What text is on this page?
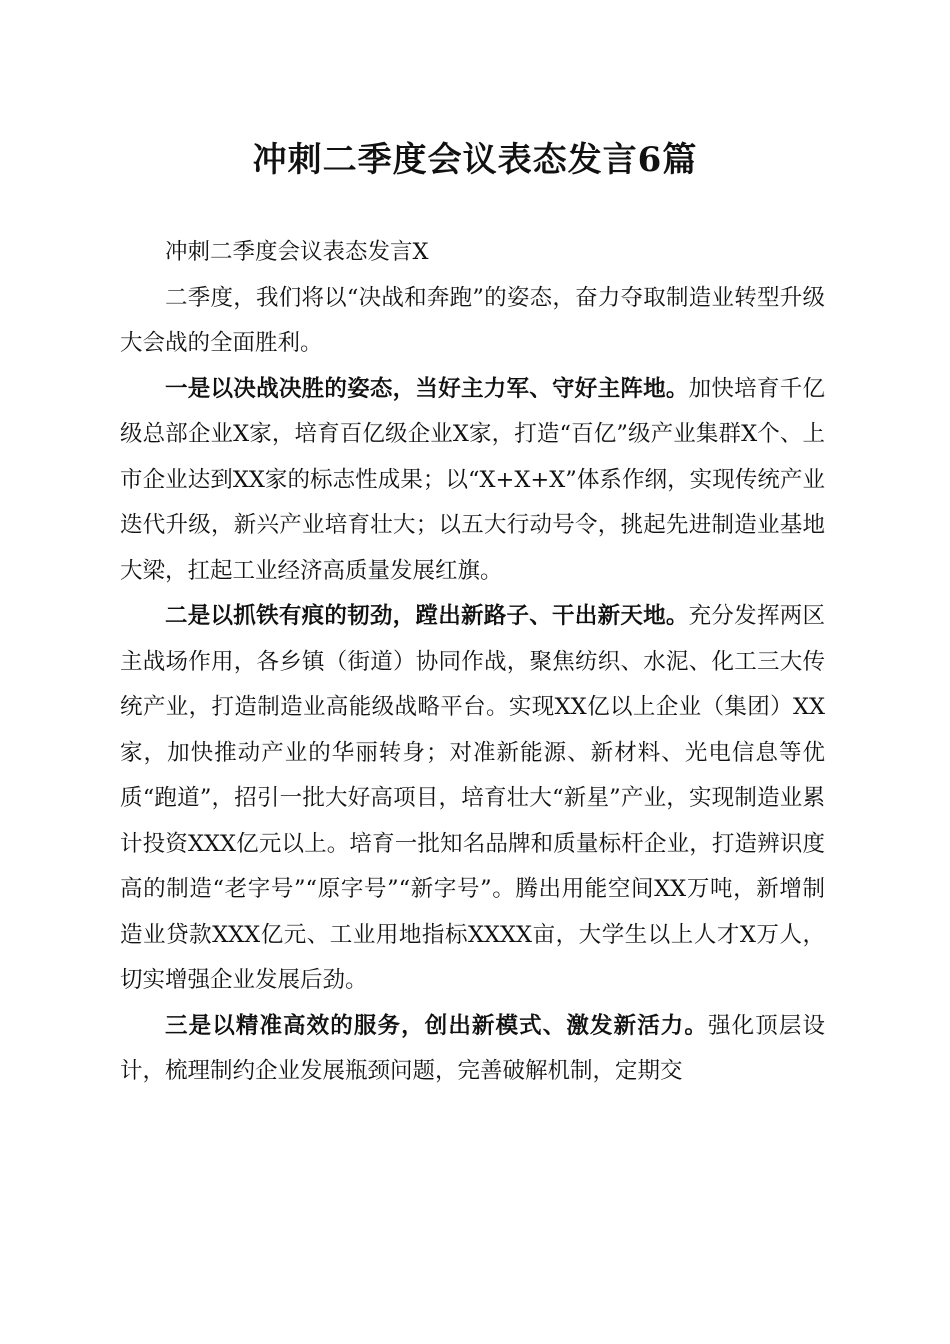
冲刺二季度会议表态发言6篇

冲刺二季度会议表态发言X

二季度，我们将以“决战和奔跑”的姿态，奋力夺取制造业转型升级大会战的全面胜利。

一是以决战决胜的姿态，当好主力军、守好主阵地。加快培育千亿级总部企业X家，培育百亿级企业X家，打造“百亿”级产业集群X个、上市企业达到XX家的标志性成果；以“X+X+X”体系作纲，实现传统产业迭代升级，新兴产业培育壮大；以五大行动号令，挑起先进制造业基地大梁，扛起工业经济高质量发展红旗。

二是以抓铁有痕的韧劲，蹚出新路子、干出新天地。充分发挥两区主战场作用，各乡镇（街道）协同作战，聚焦纺织、水泥、化工三大传统产业，打造制造业高能级战略平台。实现XX亿以上企业（集团）XX家，加快推动产业的华丽转身；对准新能源、新材料、光电信息等优质“跑道”，招引一批大好高项目，培育壮大“新星”产业，实现制造业累计投资XXX亿元以上。培育一批知名品牌和质量标杆企业，打造辨识度高的制造“老字号”“原字号”“新字号”。腾出用能空间XX万吨，新增制造业贷款XXX亿元、工业用地指标XXXX亩，大学生以上人才X万人，切实增强企业发展后劲。

三是以精准高效的服务，创出新模式、激发新活力。强化顶层设计，梳理制约企业发展瓶颈问题，完善破解机制，定期交
